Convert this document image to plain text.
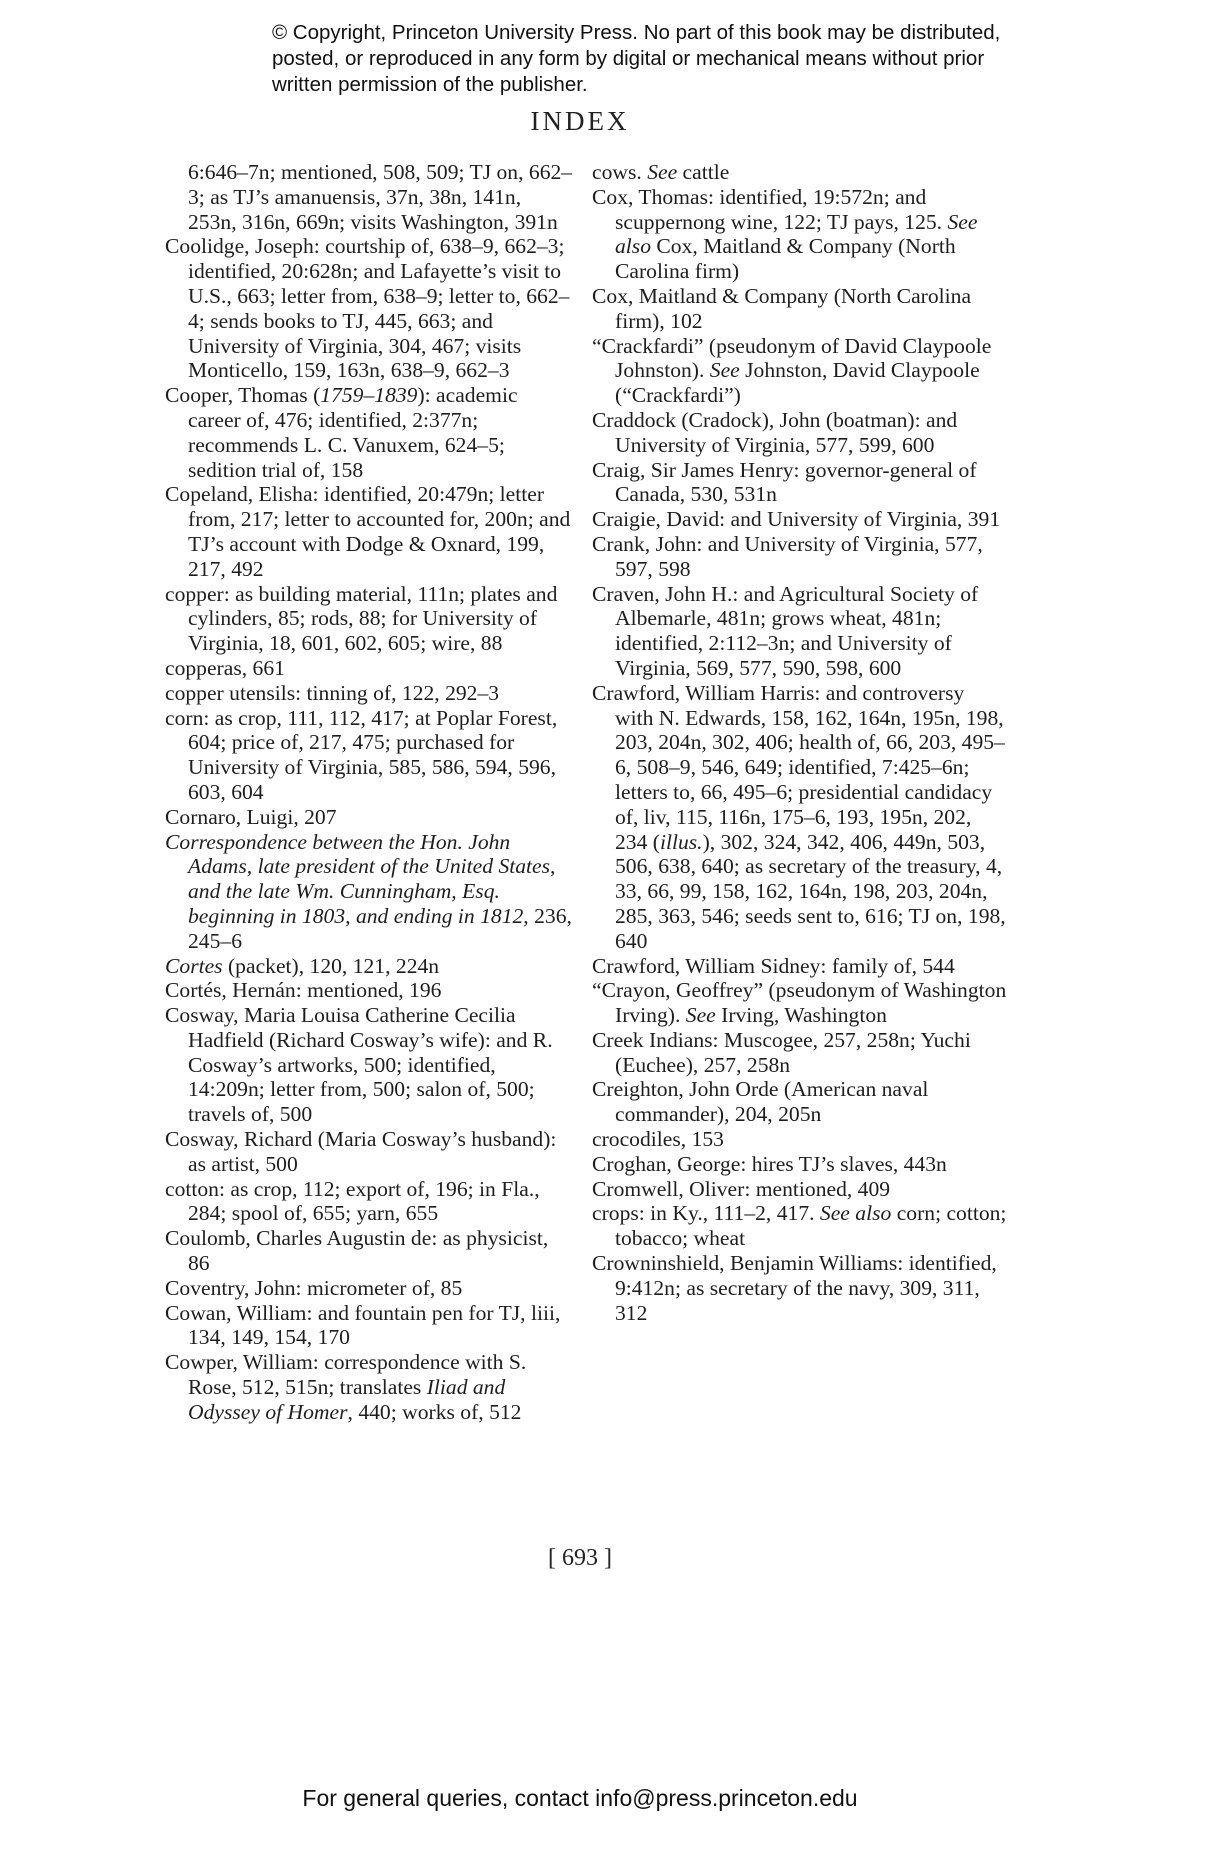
© Copyright, Princeton University Press. No part of this book may be distributed, posted, or reproduced in any form by digital or mechanical means without prior written permission of the publisher.
INDEX
6:646–7n; mentioned, 508, 509; TJ on, 662–3; as TJ’s amanuensis, 37n, 38n, 141n, 253n, 316n, 669n; visits Washington, 391n
Coolidge, Joseph: courtship of, 638–9, 662–3; identified, 20:628n; and Lafayette’s visit to U.S., 663; letter from, 638–9; letter to, 662–4; sends books to TJ, 445, 663; and University of Virginia, 304, 467; visits Monticello, 159, 163n, 638–9, 662–3
Cooper, Thomas (1759–1839): academic career of, 476; identified, 2:377n; recommends L. C. Vanuxem, 624–5; sedition trial of, 158
Copeland, Elisha: identified, 20:479n; letter from, 217; letter to accounted for, 200n; and TJ’s account with Dodge & Oxnard, 199, 217, 492
copper: as building material, 111n; plates and cylinders, 85; rods, 88; for University of Virginia, 18, 601, 602, 605; wire, 88
copperas, 661
copper utensils: tinning of, 122, 292–3
corn: as crop, 111, 112, 417; at Poplar Forest, 604; price of, 217, 475; purchased for University of Virginia, 585, 586, 594, 596, 603, 604
Cornaro, Luigi, 207
Correspondence between the Hon. John Adams, late president of the United States, and the late Wm. Cunningham, Esq. beginning in 1803, and ending in 1812, 236, 245–6
Cortes (packet), 120, 121, 224n
Cortés, Hernán: mentioned, 196
Cosway, Maria Louisa Catherine Cecilia Hadfield (Richard Cosway’s wife): and R. Cosway’s artworks, 500; identified, 14:209n; letter from, 500; salon of, 500; travels of, 500
Cosway, Richard (Maria Cosway’s husband): as artist, 500
cotton: as crop, 112; export of, 196; in Fla., 284; spool of, 655; yarn, 655
Coulomb, Charles Augustin de: as physicist, 86
Coventry, John: micrometer of, 85
Cowan, William: and fountain pen for TJ, liii, 134, 149, 154, 170
Cowper, William: correspondence with S. Rose, 512, 515n; translates Iliad and Odyssey of Homer, 440; works of, 512
cows. See cattle
Cox, Thomas: identified, 19:572n; and scuppernong wine, 122; TJ pays, 125. See also Cox, Maitland & Company (North Carolina firm)
Cox, Maitland & Company (North Carolina firm), 102
“Crackfardi” (pseudonym of David Claypoole Johnston). See Johnston, David Claypoole (“Crackfardi”)
Craddock (Cradock), John (boatman): and University of Virginia, 577, 599, 600
Craig, Sir James Henry: governor-general of Canada, 530, 531n
Craigie, David: and University of Virginia, 391
Crank, John: and University of Virginia, 577, 597, 598
Craven, John H.: and Agricultural Society of Albemarle, 481n; grows wheat, 481n; identified, 2:112–3n; and University of Virginia, 569, 577, 590, 598, 600
Crawford, William Harris: and controversy with N. Edwards, 158, 162, 164n, 195n, 198, 203, 204n, 302, 406; health of, 66, 203, 495–6, 508–9, 546, 649; identified, 7:425–6n; letters to, 66, 495–6; presidential candidacy of, liv, 115, 116n, 175–6, 193, 195n, 202, 234 (illus.), 302, 324, 342, 406, 449n, 503, 506, 638, 640; as secretary of the treasury, 4, 33, 66, 99, 158, 162, 164n, 198, 203, 204n, 285, 363, 546; seeds sent to, 616; TJ on, 198, 640
Crawford, William Sidney: family of, 544
“Crayon, Geoffrey” (pseudonym of Washington Irving). See Irving, Washington
Creek Indians: Muscogee, 257, 258n; Yuchi (Euchee), 257, 258n
Creighton, John Orde (American naval commander), 204, 205n
crocodiles, 153
Croghan, George: hires TJ’s slaves, 443n
Cromwell, Oliver: mentioned, 409
crops: in Ky., 111–2, 417. See also corn; cotton; tobacco; wheat
Crowninshield, Benjamin Williams: identified, 9:412n; as secretary of the navy, 309, 311, 312
[ 693 ]
For general queries, contact info@press.princeton.edu
